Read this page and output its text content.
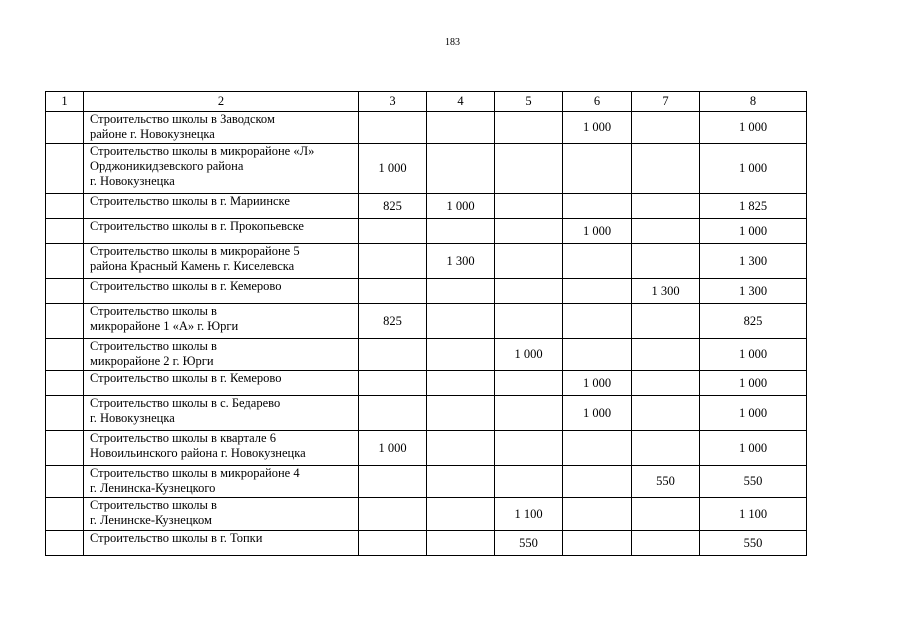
183
1	2	3	4	5	6	7	8
	Строительство школы в Заводском
районе г. Новокузнецка				1 000		1 000
	Строительство школы в микрорайоне «Л»
Орджоникидзевского района
г. Новокузнецка	1 000					1 000
	Строительство школы в г. Мариинске	825	1 000				1 825
	Строительство школы в г. Прокопьевске				1 000		1 000
	Строительство школы в микрорайоне 5
района Красный Камень г. Киселевска		1 300				1 300
	Строительство школы в г. Кемерово					1 300	1 300
	Строительство школы в
микрорайоне 1 «А» г. Юрги	825					825
	Строительство школы в
микрорайоне 2 г. Юрги			1 000			1 000
	Строительство школы в г. Кемерово				1 000		1 000
	Строительство школы в с. Бедарево
г. Новокузнецка				1 000		1 000
	Строительство школы в квартале 6
Новоильинского района г. Новокузнецка	1 000					1 000
	Строительство школы в микрорайоне 4
г. Ленинска-Кузнецкого					550	550
	Строительство школы в
г. Ленинске-Кузнецком			1 100			1 100
	Строительство школы в г. Топки			550			550
